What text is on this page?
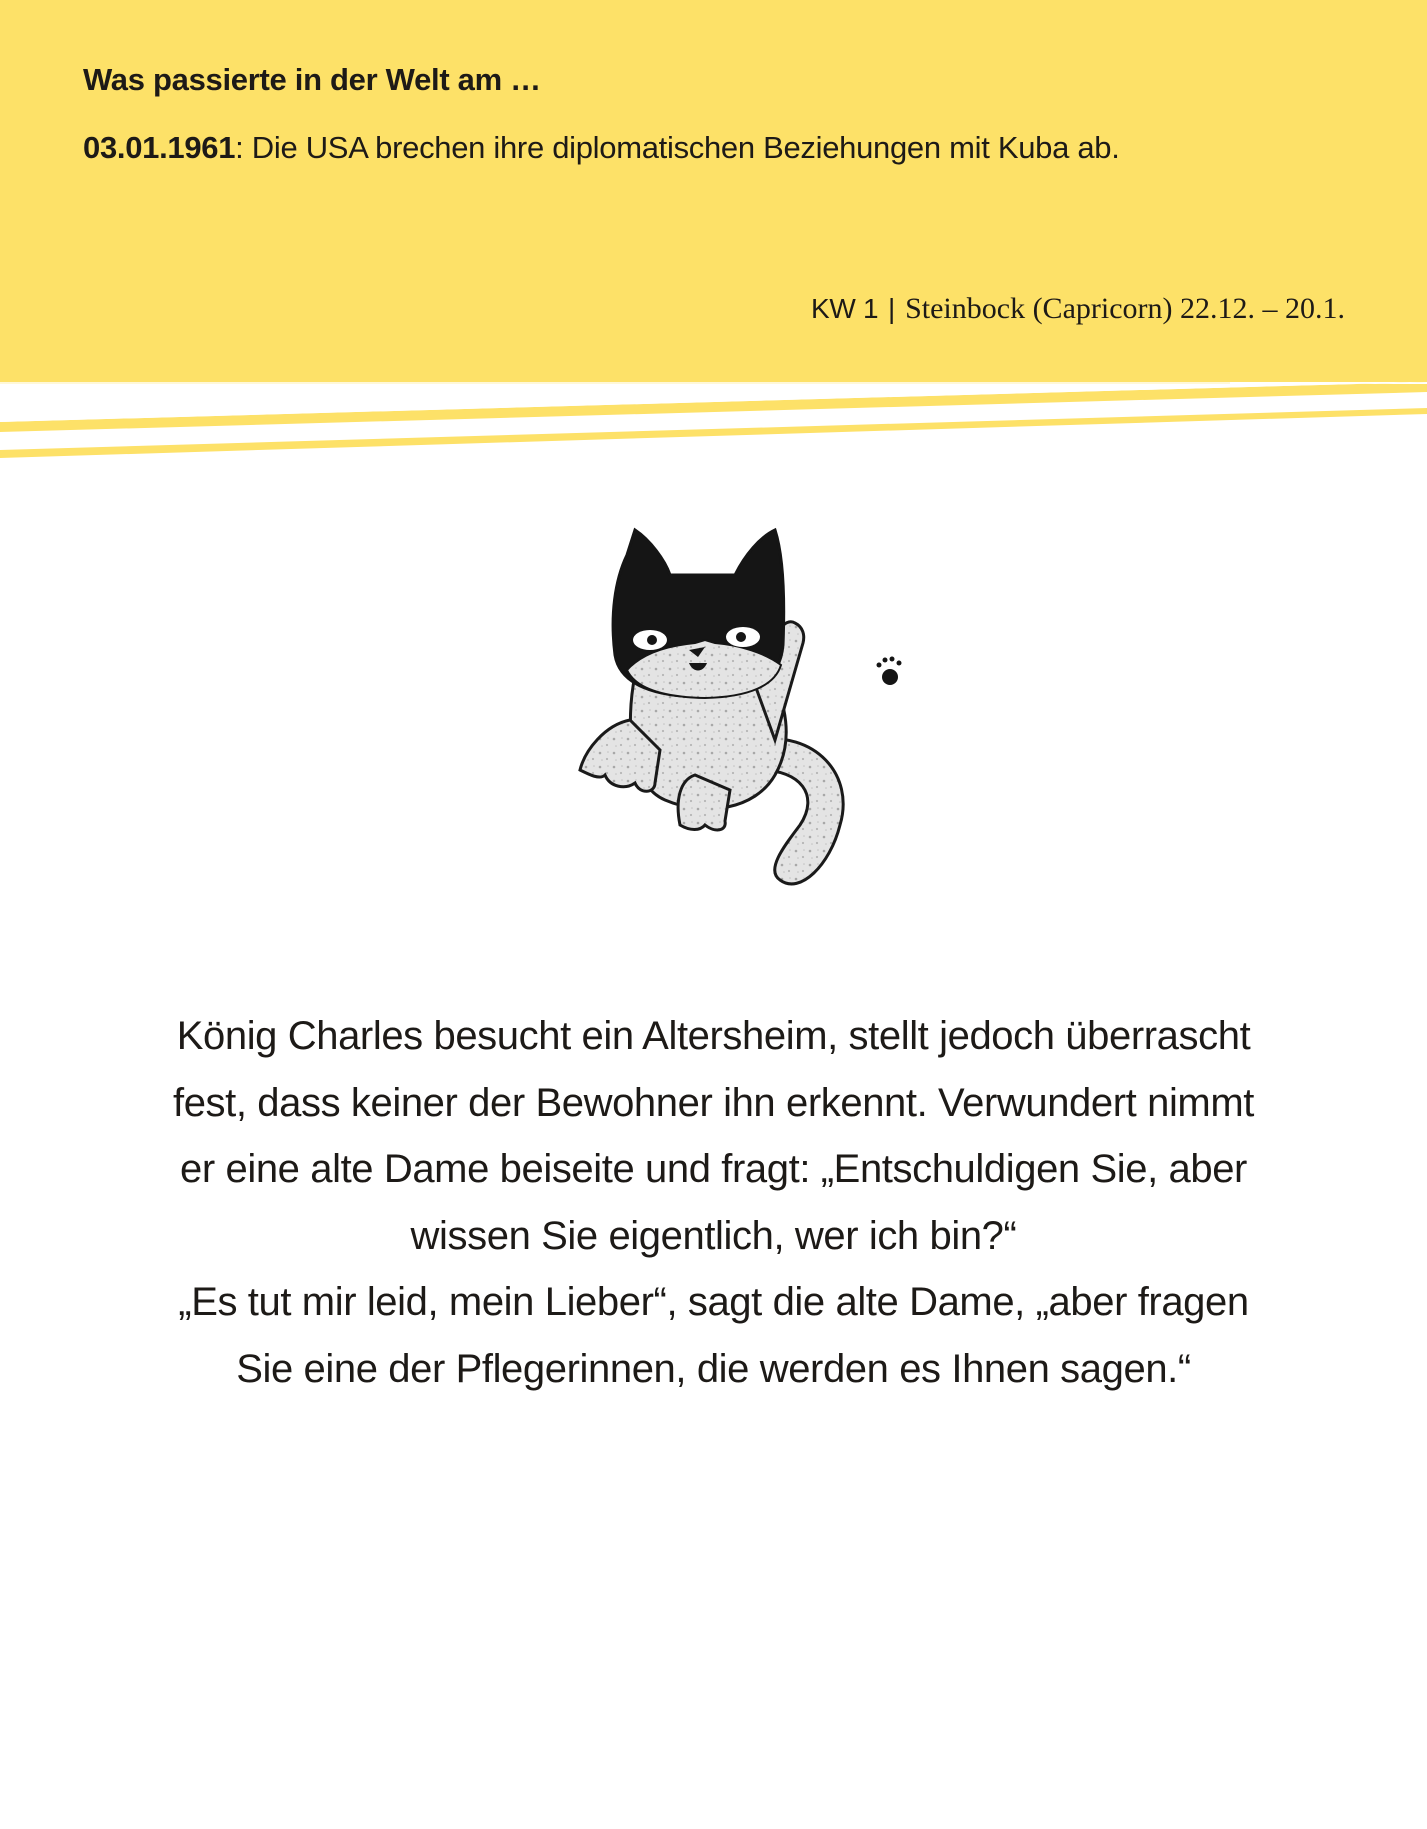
Was passierte in der Welt am …

03.01.1961: Die USA brechen ihre diplomatischen Beziehungen mit Kuba ab.

KW 1 | Steinbock (Capricorn) 22.12. – 20.1.

König Charles besucht ein Altersheim, stellt jedoch überrascht
fest, dass keiner der Bewohner ihn erkennt. Verwundert nimmt
er eine alte Dame beiseite und fragt: „Entschuldigen Sie, aber
wissen Sie eigentlich, wer ich bin?“
„Es tut mir leid, mein Lieber“, sagt die alte Dame, „aber fragen
Sie eine der Pflegerinnen, die werden es Ihnen sagen.“
